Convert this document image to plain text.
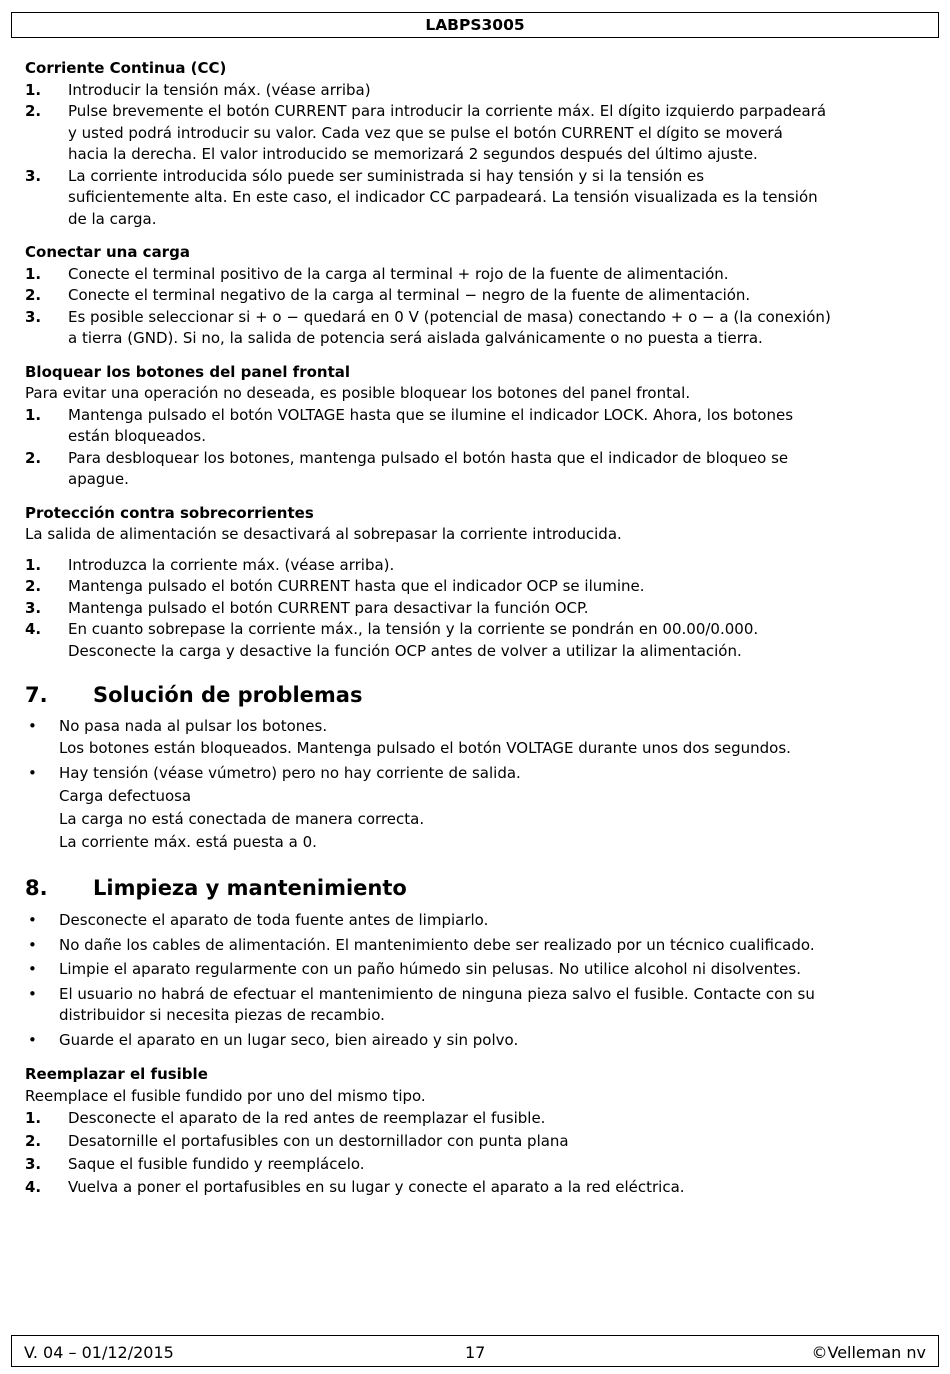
LABPS3005

Corriente Continua (CC)

1. Introducir la tensión máx. (véase arriba)
2. Pulse brevemente el botón CURRENT para introducir la corriente máx. El dígito izquierdo parpadeará
y usted podrá introducir su valor. Cada vez que se pulse el botón CURRENT el dígito se moverá
hacia la derecha. El valor introducido se memorizará 2 segundos después del último ajuste.
3. La corriente introducida sólo puede ser suministrada si hay tensión y si la tensión es
suficientemente alta. En este caso, el indicador CC parpadeará. La tensión visualizada es la tensión
de la carga.

Conectar una carga

1. Conecte el terminal positivo de la carga al terminal + rojo de la fuente de alimentación.
2. Conecte el terminal negativo de la carga al terminal − negro de la fuente de alimentación.
3. Es posible seleccionar si + o − quedará en 0 V (potencial de masa) conectando + o − a (la conexión)
a tierra (GND). Si no, la salida de potencia será aislada galvánicamente o no puesta a tierra.

Bloquear los botones del panel frontal

Para evitar una operación no deseada, es posible bloquear los botones del panel frontal.

1. Mantenga pulsado el botón VOLTAGE hasta que se ilumine el indicador LOCK. Ahora, los botones
están bloqueados.
2. Para desbloquear los botones, mantenga pulsado el botón hasta que el indicador de bloqueo se
apague.

Protección contra sobrecorrientes

La salida de alimentación se desactivará al sobrepasar la corriente introducida.

1. Introduzca la corriente máx. (véase arriba).
2. Mantenga pulsado el botón CURRENT hasta que el indicador OCP se ilumine.
3. Mantenga pulsado el botón CURRENT para desactivar la función OCP.
4. En cuanto sobrepase la corriente máx., la tensión y la corriente se pondrán en 00.00/0.000.
Desconecte la carga y desactive la función OCP antes de volver a utilizar la alimentación.
7. Solución de problemas
• No pasa nada al pulsar los botones.
Los botones están bloqueados. Mantenga pulsado el botón VOLTAGE durante unos dos segundos.
• Hay tensión (véase vúmetro) pero no hay corriente de salida.
Carga defectuosa
La carga no está conectada de manera correcta.
La corriente máx. está puesta a 0.
8. Limpieza y mantenimiento
• Desconecte el aparato de toda fuente antes de limpiarlo.
• No dañe los cables de alimentación. El mantenimiento debe ser realizado por un técnico cualificado.
• Limpie el aparato regularmente con un paño húmedo sin pelusas. No utilice alcohol ni disolventes.
• El usuario no habrá de efectuar el mantenimiento de ninguna pieza salvo el fusible. Contacte con su
distribuidor si necesita piezas de recambio.
• Guarde el aparato en un lugar seco, bien aireado y sin polvo.

Reemplazar el fusible

Reemplace el fusible fundido por uno del mismo tipo.

1. Desconecte el aparato de la red antes de reemplazar el fusible.
2. Desatornille el portafusibles con un destornillador con punta plana
3. Saque el fusible fundido y reemplácelo.
4. Vuelva a poner el portafusibles en su lugar y conecte el aparato a la red eléctrica.
V. 04 – 01/12/2015	17	©Velleman nv
